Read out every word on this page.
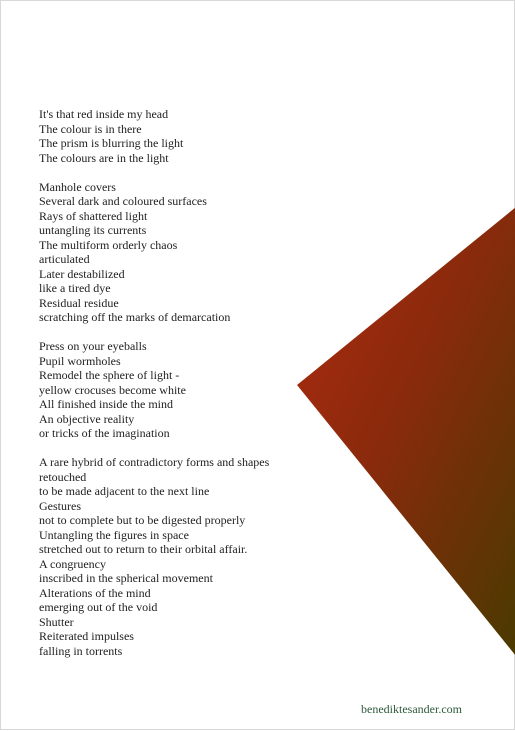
It's that red inside my head
The colour is in there
The prism is blurring the light
The colours are in the light
Manhole covers
Several dark and coloured surfaces
Rays of shattered light
untangling its currents
The multiform orderly chaos
articulated
Later destabilized
like a tired dye
Residual residue
scratching off the marks of demarcation
Press on your eyeballs
Pupil wormholes
Remodel the sphere of light -
yellow crocuses become white
All finished inside the mind
An objective reality
or tricks of the imagination
A rare hybrid of contradictory forms and shapes
retouched
to be made adjacent to the next line
Gestures
not to complete but to be digested properly
Untangling the figures in space
stretched out to return to their orbital affair.
A congruency
inscribed in the spherical movement
Alterations of the mind
emerging out of the void
Shutter
Reiterated impulses
falling in torrents
benediktesander.com
